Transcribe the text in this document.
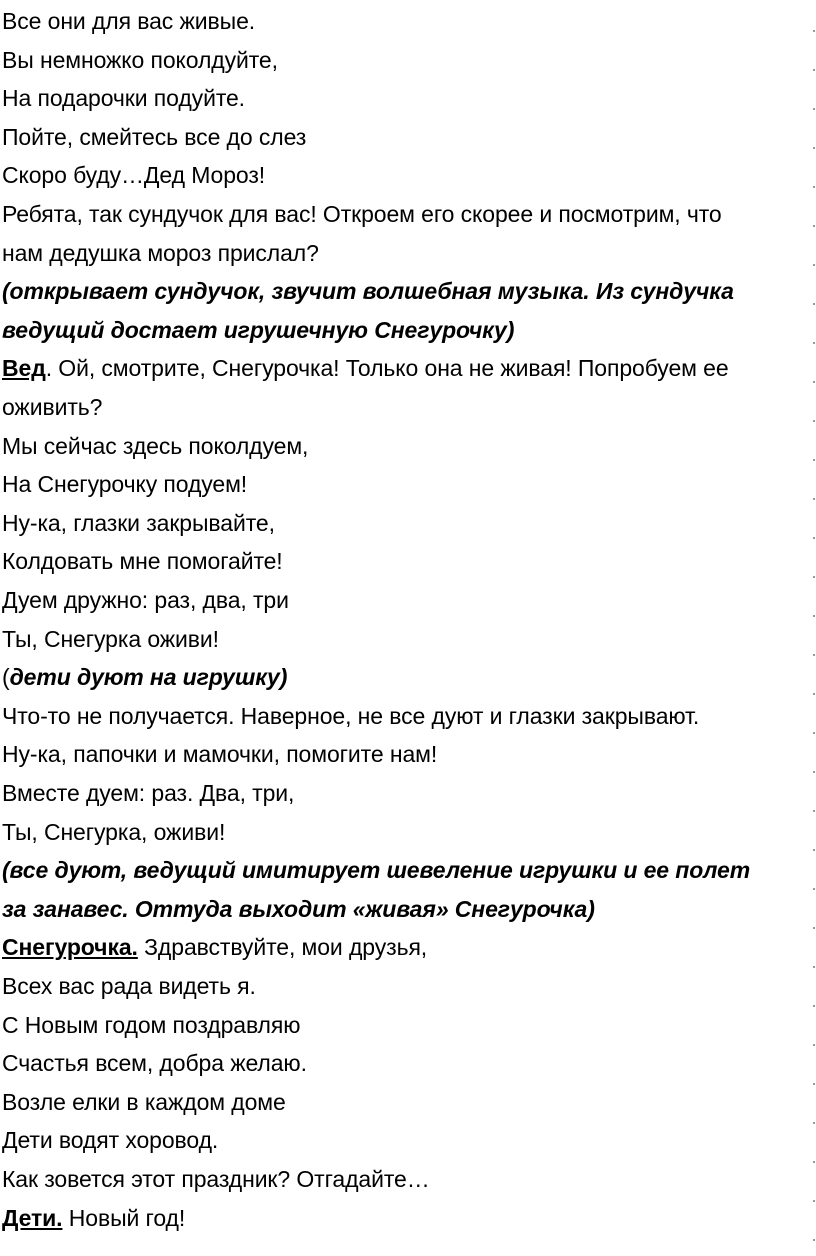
Все они для вас живые.
Вы немножко поколдуйте,
На подарочки подуйте.
Пойте, смейтесь все до слез
Скоро буду…Дед Мороз!
Ребята, так сундучок для вас! Откроем его скорее и посмотрим, что
нам дедушка мороз прислал?
(открывает сундучок, звучит волшебная музыка. Из сундучка
ведущий достает игрушечную Снегурочку)
Вед. Ой, смотрите, Снегурочка! Только она не живая! Попробуем ее
оживить?
Мы сейчас здесь поколдуем,
На Снегурочку подуем!
Ну-ка, глазки закрывайте,
Колдовать мне помогайте!
Дуем дружно: раз, два, три
Ты, Снегурка оживи!
(дети дуют на игрушку)
Что-то не получается. Наверное, не все дуют и глазки закрывают.
Ну-ка, папочки и мамочки, помогите нам!
Вместе дуем: раз. Два, три,
Ты, Снегурка, оживи!
(все дуют, ведущий имитирует шевеление игрушки и ее полет
за занавес. Оттуда выходит «живая» Снегурочка)
Снегурочка. Здравствуйте, мои друзья,
Всех вас рада видеть я.
С Новым годом поздравляю
Счастья всем, добра желаю.
Возле елки в каждом доме
Дети водят хоровод.
Как зовется этот праздник? Отгадайте…
Дети. Новый год!
